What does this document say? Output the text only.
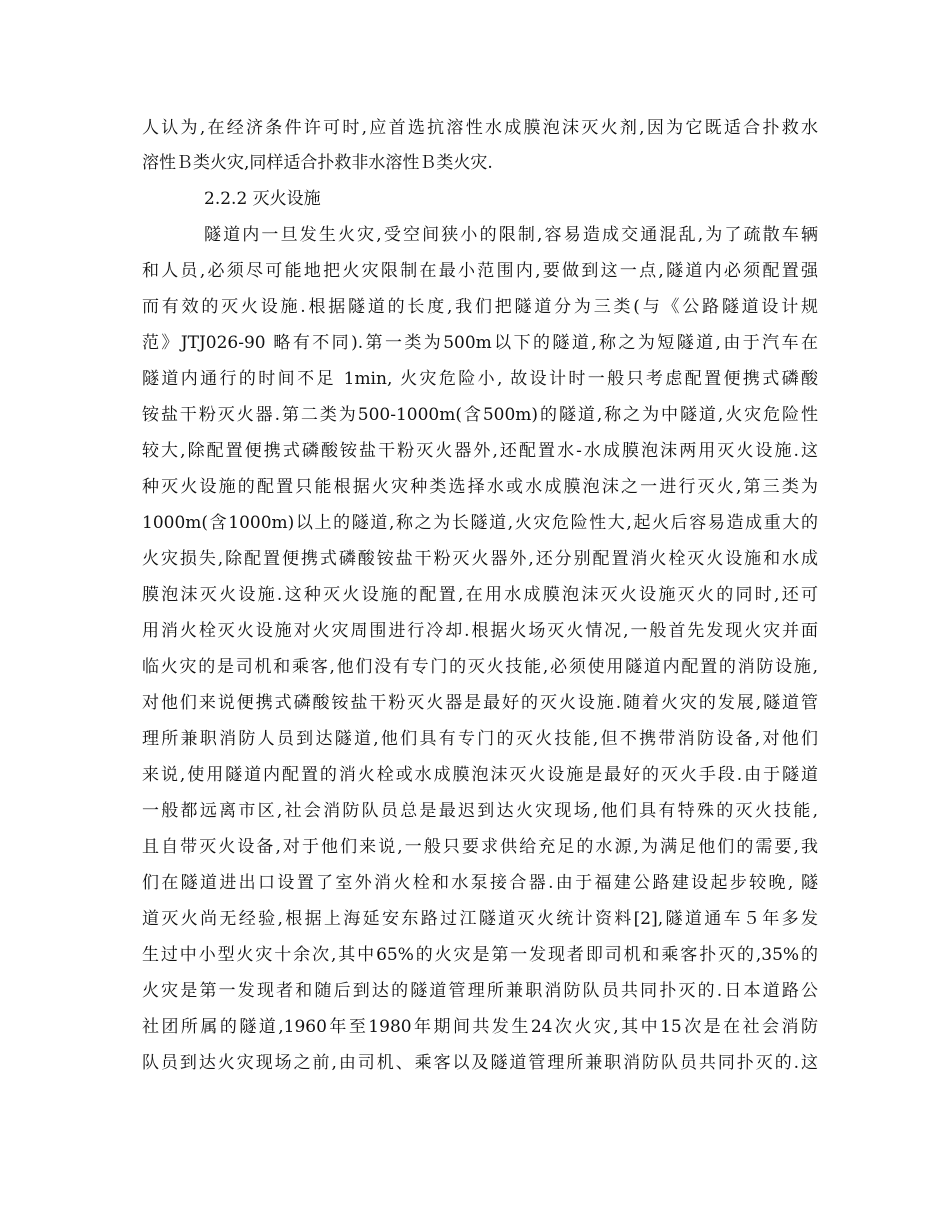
人认为,在经济条件许可时,应首选抗溶性水成膜泡沫灭火剂,因为它既适合扑救水
溶性Ｂ类火灾,同样适合扑救非水溶性Ｂ类火灾.
2.2.2 灭火设施
隧道内一旦发生火灾,受空间狭小的限制,容易造成交通混乱,为了疏散车辆
和人员,必须尽可能地把火灾限制在最小范围内,要做到这一点,隧道内必须配置强
而有效的灭火设施.根据隧道的长度,我们把隧道分为三类(与《公路隧道设计规
范》JTJ026-90 略有不同).第一类为500m以下的隧道,称之为短隧道,由于汽车在
隧道内通行的时间不足 1min, 火灾危险小, 故设计时一般只考虑配置便携式磷酸
铵盐干粉灭火器.第二类为500-1000m(含500m)的隧道,称之为中隧道,火灾危险性
较大,除配置便携式磷酸铵盐干粉灭火器外,还配置水-水成膜泡沫两用灭火设施.这
种灭火设施的配置只能根据火灾种类选择水或水成膜泡沫之一进行灭火,第三类为
1000m(含1000m)以上的隧道,称之为长隧道,火灾危险性大,起火后容易造成重大的
火灾损失,除配置便携式磷酸铵盐干粉灭火器外,还分别配置消火栓灭火设施和水成
膜泡沫灭火设施.这种灭火设施的配置,在用水成膜泡沫灭火设施灭火的同时,还可
用消火栓灭火设施对火灾周围进行冷却.根据火场灭火情况,一般首先发现火灾并面
临火灾的是司机和乘客,他们没有专门的灭火技能,必须使用隧道内配置的消防设施,
对他们来说便携式磷酸铵盐干粉灭火器是最好的灭火设施.随着火灾的发展,隧道管
理所兼职消防人员到达隧道,他们具有专门的灭火技能,但不携带消防设备,对他们
来说,使用隧道内配置的消火栓或水成膜泡沫灭火设施是最好的灭火手段.由于隧道
一般都远离市区,社会消防队员总是最迟到达火灾现场,他们具有特殊的灭火技能,
且自带灭火设备,对于他们来说,一般只要求供给充足的水源,为满足他们的需要,我
们在隧道进出口设置了室外消火栓和水泵接合器.由于福建公路建设起步较晚, 隧
道灭火尚无经验,根据上海延安东路过江隧道灭火统计资料[2],隧道通车５年多发
生过中小型火灾十余次,其中65%的火灾是第一发现者即司机和乘客扑灭的,35%的
火灾是第一发现者和随后到达的隧道管理所兼职消防队员共同扑灭的.日本道路公
社团所属的隧道,1960年至1980年期间共发生24次火灾,其中15次是在社会消防
队员到达火灾现场之前,由司机、乘客以及隧道管理所兼职消防队员共同扑灭的.这
